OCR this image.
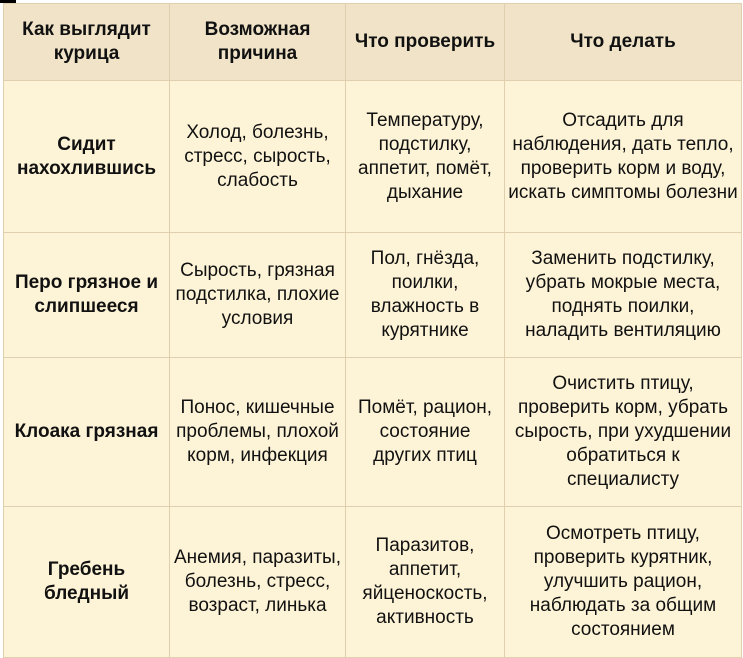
Как выглядит курица	Возможная причина	Что проверить	Что делать
Сидит нахохлившись	Холод, болезнь, стресс, сырость, слабость	Температуру, подстилку, аппетит, помёт, дыхание	Отсадить для наблюдения, дать тепло, проверить корм и воду, искать симптомы болезни
Перо грязное и слипшееся	Сырость, грязная подстилка, плохие условия	Пол, гнёзда, поилки, влажность в курятнике	Заменить подстилку, убрать мокрые места, поднять поилки, наладить вентиляцию
Клоака грязная	Понос, кишечные проблемы, плохой корм, инфекция	Помёт, рацион, состояние других птиц	Очистить птицу, проверить корм, убрать сырость, при ухудшении обратиться к специалисту
Гребень бледный	Анемия, паразиты, болезнь, стресс, возраст, линька	Паразитов, аппетит, яйценоскость, активность	Осмотреть птицу, проверить курятник, улучшить рацион, наблюдать за общим состоянием
